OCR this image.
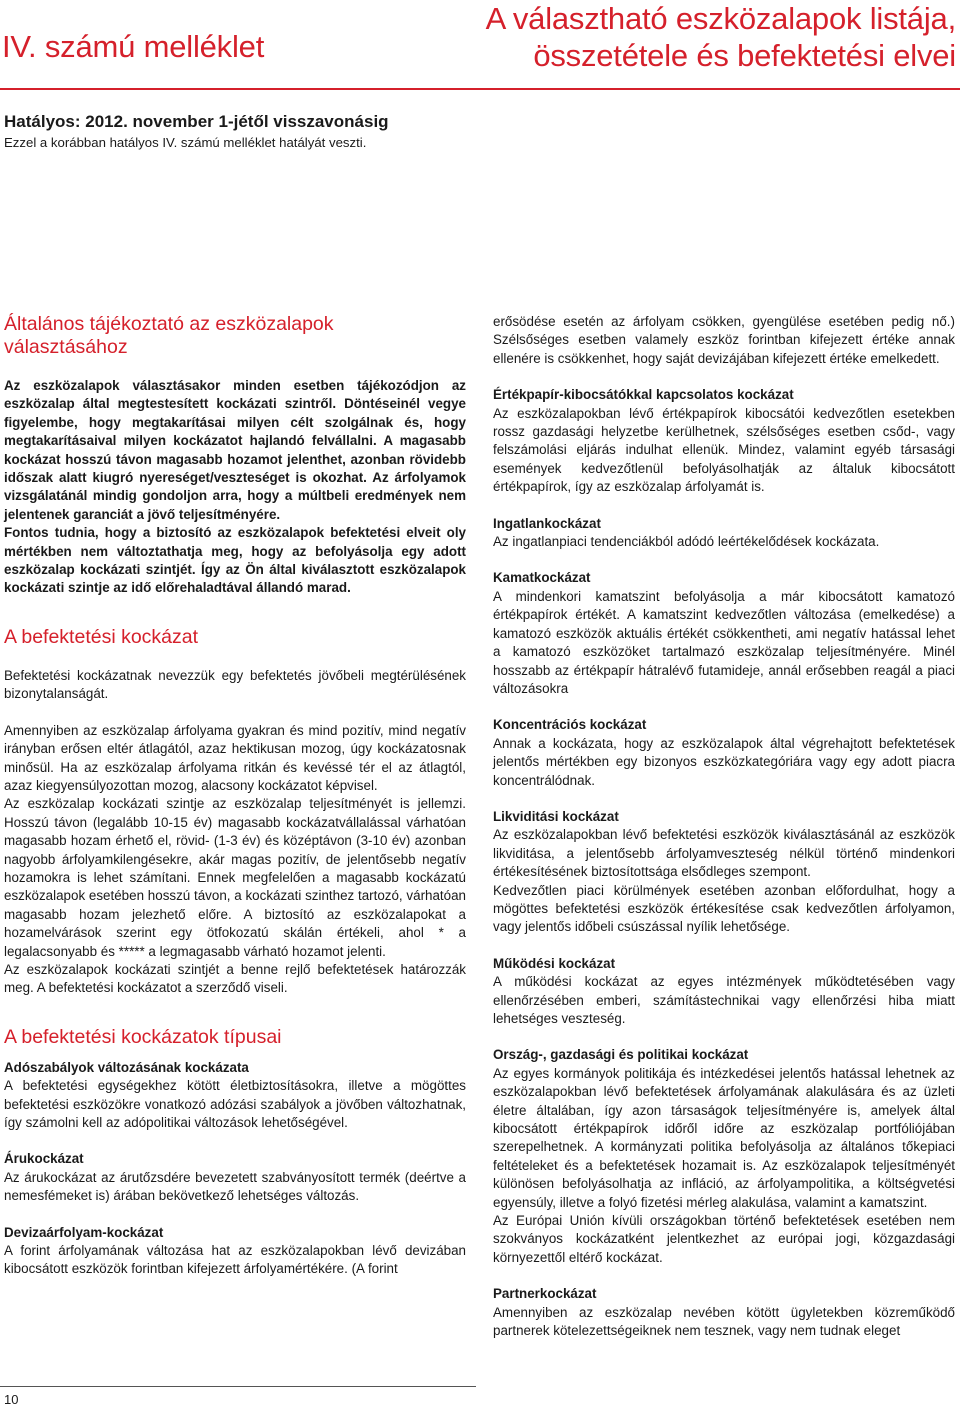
IV. számú melléklet
A választható eszközalapok listája,
összetétele és befektetési elvei
Hatályos: 2012. november 1-jétől visszavonásig
Ezzel a korábban hatályos IV. számú melléklet hatályát veszti.
Általános tájékoztató az eszközalapok
választásához

Az eszközalapok választásakor minden esetben tájékozódjon az eszközalap által megtestesített kockázati szintről. Döntéseinél vegye figyelembe, hogy megtakarításai milyen célt szolgálnak és, hogy megtakarításaival milyen kockázatot hajlandó felvállalni. A magasabb kockázat hosszú távon magasabb hozamot jelenthet, azonban rövidebb időszak alatt kiugró nyereséget/veszteséget is okozhat. Az árfolyamok vizsgálatánál mindig gondoljon arra, hogy a múltbeli eredmények nem jelentenek garanciát a jövő teljesítményére.

Fontos tudnia, hogy a biztosító az eszközalapok befektetési elveit oly mértékben nem változtathatja meg, hogy az befolyásolja egy adott eszközalap kockázati szintjét. Így az Ön által kiválasztott eszközalapok kockázati szintje az idő előrehaladtával állandó marad.

A befektetési kockázat

Befektetési kockázatnak nevezzük egy befektetés jövőbeli megtérülésének bizonytalanságát.

Amennyiben az eszközalap árfolyama gyakran és mind pozitív, mind negatív irányban erősen eltér átlagától, azaz hektikusan mozog, úgy kockázatosnak minősül. Ha az eszközalap árfolyama ritkán és kevéssé tér el az átlagtól, azaz kiegyensúlyozottan mozog, alacsony kockázatot képvisel.

Az eszközalap kockázati szintje az eszközalap teljesítményét is jellemzi. Hosszú távon (legalább 10-15 év) magasabb kockázatvállalással várhatóan magasabb hozam érhető el, rövid- (1-3 év) és középtávon (3-10 év) azonban nagyobb árfolyamkilengésekre, akár magas pozitív, de jelentősebb negatív hozamokra is lehet számítani. Ennek megfelelően a magasabb kockázatú eszközalapok esetében hosszú távon, a kockázati szinthez tartozó, várhatóan magasabb hozam jelezhető előre. A biztosító az eszközalapokat a hozamelvárások szerint egy ötfokozatú skálán értékeli, ahol * a legalacsonyabb és ***** a legmagasabb várható hozamot jelenti.

Az eszközalapok kockázati szintjét a benne rejlő befektetések határozzák meg. A befektetési kockázatot a szerződő viseli.

A befektetési kockázatok típusai
Adószabályok változásának kockázata

A befektetési egységekhez kötött életbiztosításokra, illetve a mögöttes befektetési eszközökre vonatkozó adózási szabályok a jövőben változhatnak, így számolni kell az adópolitikai változások lehetőségével.

Árukockázat

Az árukockázat az árutőzsdére bevezetett szabványosított termék (deértve a nemesfémeket is) árában bekövetkező lehetséges változás.

Devizaárfolyam-kockázat

A forint árfolyamának változása hat az eszközalapokban lévő devizában kibocsátott eszközök forintban kifejezett árfolyamértékére. (A forint

erősödése esetén az árfolyam csökken, gyengülése esetében pedig nő.) Szélsőséges esetben valamely eszköz forintban kifejezett értéke annak ellenére is csökkenhet, hogy saját devizájában kifejezett értéke emelkedett.

Értékpapír-kibocsátókkal kapcsolatos kockázat

Az eszközalapokban lévő értékpapírok kibocsátói kedvezőtlen esetekben rossz gazdasági helyzetbe kerülhetnek, szélsőséges esetben csőd-, vagy felszámolási eljárás indulhat ellenük. Mindez, valamint egyéb társasági események kedvezőtlenül befolyásolhatják az általuk kibocsátott értékpapírok, így az eszközalap árfolyamát is.

Ingatlankockázat

Az ingatlanpiaci tendenciákból adódó leértékelődések kockázata.

Kamatkockázat

A mindenkori kamatszint befolyásolja a már kibocsátott kamatozó értékpapírok értékét. A kamatszint kedvezőtlen változása (emelkedése) a kamatozó eszközök aktuális értékét csökkentheti, ami negatív hatással lehet a kamatozó eszközöket tartalmazó eszközalap teljesítményére. Minél hosszabb az értékpapír hátralévő futamideje, annál erősebben reagál a piaci változásokra

Koncentrációs kockázat

Annak a kockázata, hogy az eszközalapok által végrehajtott befektetések jelentős mértékben egy bizonyos eszközkategóriára vagy egy adott piacra koncentrálódnak.

Likviditási kockázat

Az eszközalapokban lévő befektetési eszközök kiválasztásánál az eszközök likviditása, a jelentősebb árfolyamveszteség nélkül történő mindenkori értékesítésének biztosítottsága elsődleges szempont.

Kedvezőtlen piaci körülmények esetében azonban előfordulhat, hogy a mögöttes befektetési eszközök értékesítése csak kedvezőtlen árfolyamon, vagy jelentős időbeli csúszással nyílik lehetősége.

Működési kockázat

A működési kockázat az egyes intézmények működtetésében vagy ellenőrzésében emberi, számítástechnikai vagy ellenőrzési hiba miatt lehetséges veszteség.

Ország-, gazdasági és politikai kockázat

Az egyes kormányok politikája és intézkedései jelentős hatással lehetnek az eszközalapokban lévő befektetések árfolyamának alakulására és az üzleti életre általában, így azon társaságok teljesítményére is, amelyek által kibocsátott értékpapírok időről időre az eszközalap portfóliójában szerepelhetnek. A kormányzati politika befolyásolja az általános tőkepiaci feltételeket és a befektetések hozamait is. Az eszközalapok teljesítményét különösen befolyásolhatja az infláció, az árfolyampolitika, a költségvetési egyensúly, illetve a folyó fizetési mérleg alakulása, valamint a kamatszint.

Az Európai Unión kívüli országokban történő befektetések esetében nem szokványos kockázatként jelentkezhet az európai jogi, közgazdasági környezettől eltérő kockázat.

Partnerkockázat

Amennyiben az eszközalap nevében kötött ügyletekben közreműködő partnerek kötelezettségeiknek nem tesznek, vagy nem tudnak eleget

10
